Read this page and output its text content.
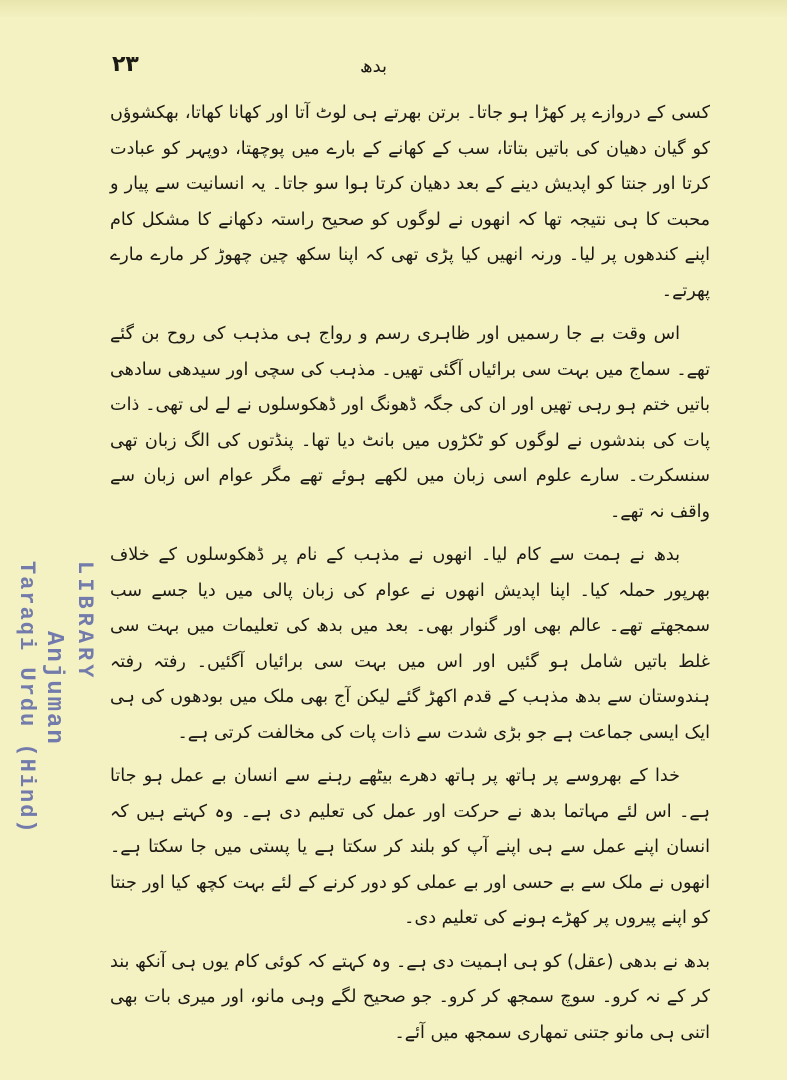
۲۳	بدھ

کسی کے دروازے پر کھڑا ہو جاتا۔ برتن بھرتے ہی لوٹ آتا اور کھانا کھاتا، بھکشوؤں کو گیان دھیان کی باتیں بتاتا، سب کے کھانے کے بارے میں پوچھتا، دوپہر کو عبادت کرتا اور جنتا کو اپدیش دینے کے بعد دھیان کرتا ہوا سو جاتا۔ یہ انسانیت سے پیار و محبت کا ہی نتیجہ تھا کہ انھوں نے لوگوں کو صحیح راستہ دکھانے کا مشکل کام اپنے کندھوں پر لیا۔ ورنہ انھیں کیا پڑی تھی کہ اپنا سکھ چین چھوڑ کر مارے مارے پھرتے۔

اس وقت بے جا رسمیں اور ظاہری رسم و رواج ہی مذہب کی روح بن گئے تھے۔ سماج میں بہت سی برائیاں آگئی تھیں۔ مذہب کی سچی اور سیدھی سادھی باتیں ختم ہو رہی تھیں اور ان کی جگہ ڈھونگ اور ڈھکوسلوں نے لے لی تھی۔ ذات پات کی بندشوں نے لوگوں کو ٹکڑوں میں بانٹ دیا تھا۔ پنڈتوں کی الگ زبان تھی سنسکرت۔ سارے علوم اسی زبان میں لکھے ہوئے تھے مگر عوام اس زبان سے واقف نہ تھے۔

بدھ نے ہمت سے کام لیا۔ انھوں نے مذہب کے نام پر ڈھکوسلوں کے خلاف بھرپور حملہ کیا۔ اپنا اپدیش انھوں نے عوام کی زبان پالی میں دیا جسے سب سمجھتے تھے۔ عالم بھی اور گنوار بھی۔ بعد میں بدھ کی تعلیمات میں بہت سی غلط باتیں شامل ہو گئیں اور اس میں بہت سی برائیاں آگئیں۔ رفتہ رفتہ ہندوستان سے بدھ مذہب کے قدم اکھڑ گئے لیکن آج بھی ملک میں بودھوں کی ہی ایک ایسی جماعت ہے جو بڑی شدت سے ذات پات کی مخالفت کرتی ہے۔

خدا کے بھروسے پر ہاتھ پر ہاتھ دھرے بیٹھے رہنے سے انسان بے عمل ہو جاتا ہے۔ اس لئے مہاتما بدھ نے حرکت اور عمل کی تعلیم دی ہے۔ وہ کہتے ہیں کہ انسان اپنے عمل سے ہی اپنے آپ کو بلند کر سکتا ہے یا پستی میں جا سکتا ہے۔ انھوں نے ملک سے بے حسی اور بے عملی کو دور کرنے کے لئے بہت کچھ کیا اور جنتا کو اپنے پیروں پر کھڑے ہونے کی تعلیم دی۔

بدھ نے بدھی (عقل) کو ہی اہمیت دی ہے۔ وہ کہتے کہ کوئی کام یوں ہی آنکھ بند کر کے نہ کرو۔ سوچ سمجھ کر کرو۔ جو صحیح لگے وہی مانو، اور میری بات بھی اتنی ہی مانو جتنی تمھاری سمجھ میں آئے۔

LIBRARY
Anjuman
Taraqi Urdu (Hind)
